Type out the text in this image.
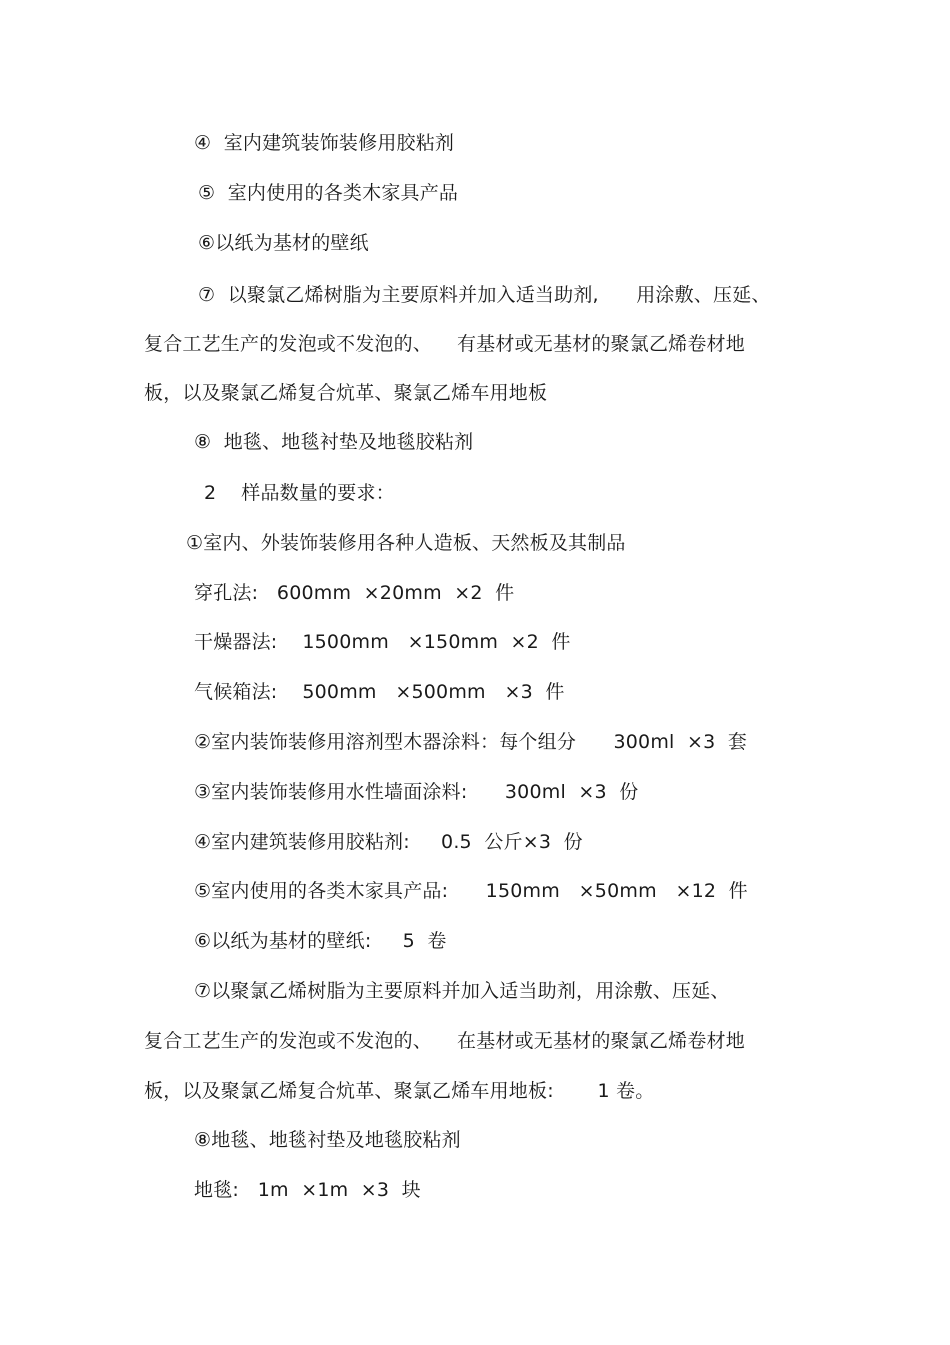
④  室内建筑装饰装修用胶粘剂
⑤  室内使用的各类木家具产品
⑥以纸为基材的壁纸
⑦  以聚氯乙烯树脂为主要原料并加入适当助剂,      用涂敷、压延、
复合工艺生产的发泡或不发泡的、    有基材或无基材的聚氯乙烯卷材地
板，以及聚氯乙烯复合炕革、聚氯乙烯车用地板
⑧  地毯、地毯衬垫及地毯胶粘剂
2    样品数量的要求：
①室内、外装饰装修用各种人造板、天然板及其制品
穿孔法:   600mm  ×20mm  ×2  件
干燥器法:    1500mm   ×150mm  ×2  件
气候箱法:    500mm   ×500mm   ×3  件
②室内装饰装修用溶剂型木器涂料：每个组分      300ml  ×3  套
③室内装饰装修用水性墙面涂料:      300ml  ×3  份
④室内建筑装修用胶粘剂:     0.5  公斤×3  份
⑤室内使用的各类木家具产品:      150mm   ×50mm   ×12  件
⑥以纸为基材的壁纸:     5  卷
⑦以聚氯乙烯树脂为主要原料并加入适当助剂，用涂敷、压延、
复合工艺生产的发泡或不发泡的、    在基材或无基材的聚氯乙烯卷材地
板，以及聚氯乙烯复合炕革、聚氯乙烯车用地板:       1 卷。
⑧地毯、地毯衬垫及地毯胶粘剂
地毯:   1m  ×1m  ×3  块
